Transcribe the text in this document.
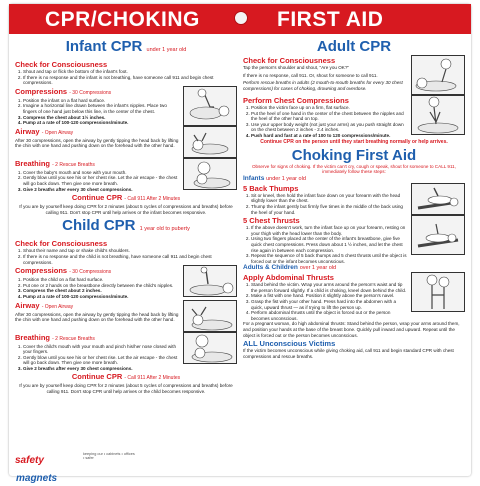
CPR/CHOKING	FIRST AID
Infant CPR under 1 year old
Check for Consciousness
1. Shout and tap or flick the bottom of the infant's foot.
2. If there is no response and the infant is not breathing, have someone call 911 and begin chest compressions.
Compressions - 30 Compressions
1. Position the infant on a flat hard surface.
2. Imagine a horizontal line drawn between the infant's nipples. Place two fingers of one hand just below this line, in the center of the chest.
3. Compress the chest about 1½ inches.
4. Pump at a rate of 100-120 compressions/minute.
Airway - Open Airway
After 30 compressions, open the airway by gently tipping the head back by lifting the chin with one hand and pushing down on the forehead with the other hand.
Breathing - 2 Rescue Breaths
1. Cover the baby's mouth and nose with your mouth.
2. Gently blow until you see his or her chest rise. Let the air escape - the chest will go back down. Then give one more breath.
3. Give 2 breaths after every 30 chest compressions.
Continue CPR - Call 911 After 2 Minutes
If you are by yourself keep doing CPR for 2 minutes (about 5 cycles of compressions and breaths) before calling 911. Don't stop CPR until help arrives or the infant becomes responsive.
Child CPR 1 year old to puberty
Check for Consciousness
1. Shout their name and tap or shake child's shoulders.
2. If there is no response and the child is not breathing, have someone call 911 and begin chest compressions.
Compressions - 30 Compressions
1. Position the child on a flat hard surface.
2. Put one or 2 hands on the breastbone directly between the child's nipples.
3. Compress the chest about 2 inches.
4. Pump at a rate of 100-120 compressions/minute.
Airway - Open Airway
After 30 compressions, open the airway by gently tipping the head back by lifting the chin with one hand and pushing down on the forehead with the other hand.
Breathing - 2 Rescue Breaths
1. Cover the child's mouth with your mouth and pinch his/her nose closed with your fingers.
2. Gently blow until you see his or her chest rise. Let the air escape - the chest will go back down. Then give one more breath.
3. Give 2 breaths after every 30 chest compressions.
Continue CPR - Call 911 After 2 Minutes
If you are by yourself keep doing CPR for 2 minutes (about 5 cycles of compressions and breaths) before calling 911. Don't stop CPR until help arrives or the child becomes responsive.
Adult CPR
Check for Consciousness
Tap the person's shoulder and shout, "Are you OK?"
If there is no response, call 911. Or, shout for someone to call 911.
Perform rescue breaths in adults (2 mouth-to-mouth breaths for every 30 chest compressions) for cases of choking, drowning and overdose.
Perform Chest Compressions
1. Position the victim face up on a firm, flat surface.
2. Put the heel of one hand in the center of the chest between the nipples and the heel of the other hand on top.
3. Use your upper body weight (not just your arms) as you push straight down on the chest between 2 inches - 2.4 inches.
4. Push hard and fast at a rate of 100 to 120 compressions/minute.
Continue CPR on the person until they start breathing normally or help arrives.
Choking First Aid
Observe for signs of choking. If the victim can't cry, cough or speak, shout for someone to CALL 911, immediately follow these steps:
Infants under 1 year old
5 Back Thumps
1. Sit or kneel, then hold the infant face down on your forearm with the head slightly lower than the chest.
2. Thump the infant gently but firmly five times in the middle of the back using the heel of your hand.
5 Chest Thrusts
1. If the above doesn't work, turn the infant face up on your forearm, resting on your thigh with the head lower than the body.
2. Using two fingers placed at the center of the infant's breastbone, give five quick chest compressions. Press down about 1 ½ inches, and let the chest rise again in between each compression.
3. Repeat the sequence of 5 back thumps and 5 chest thrusts until the object is forced out or the infant becomes unconscious.
Adults & Children over 1 year old
Apply Abdominal Thrusts
1. Stand behind the victim. Wrap your arms around the person's waist and tip the person forward slightly. If a child is choking, kneel down behind the child.
2. Make a fist with one hand. Position it slightly above the person's navel.
3. Grasp the fist with your other hand. Press hard into the abdomen with a quick, upward thrust — as if trying to lift the person up.
4. Perform abdominal thrusts until the object is forced out or the person becomes unconscious.
For a pregnant woman, do high abdominal thrusts: Stand behind the person, wrap your arms around them, and position your hands at the base of the breast bone. Quickly pull inward and upward. Repeat until the object is forced out or the person becomes unconscious.
ALL Unconscious Victims
If the victim becomes unconscious while giving choking aid, call 911 and begin standard CPR with chest compressions and rescue breaths.
safety
magnets
keeping our • cabinets • offices • safer
